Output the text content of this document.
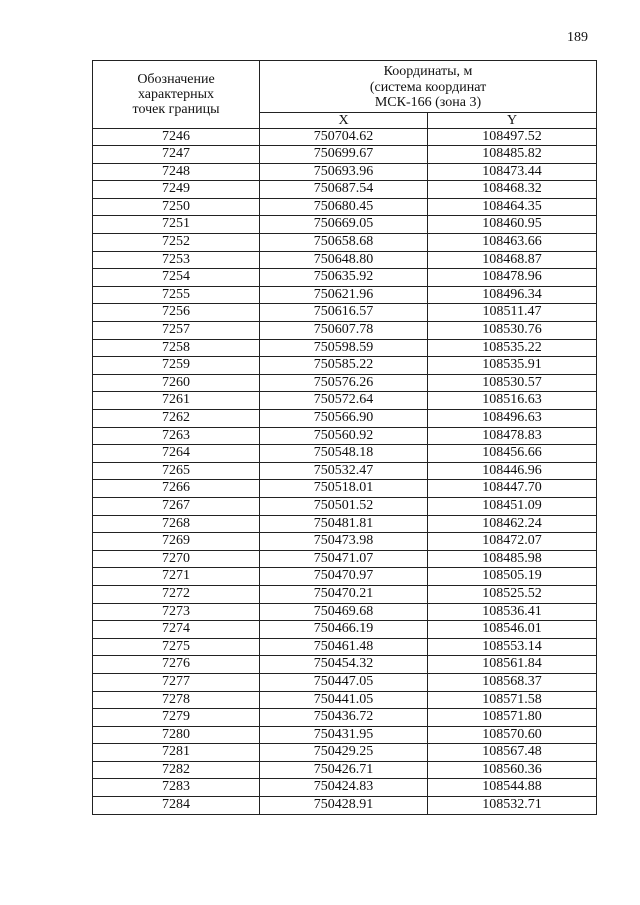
189
Обозначение
характерных
точек границы	Координаты, м
(система координат
МСК-166 (зона 3)	

	X	Y
7246	750704.62	108497.52
7247	750699.67	108485.82
7248	750693.96	108473.44
7249	750687.54	108468.32
7250	750680.45	108464.35
7251	750669.05	108460.95
7252	750658.68	108463.66
7253	750648.80	108468.87
7254	750635.92	108478.96
7255	750621.96	108496.34
7256	750616.57	108511.47
7257	750607.78	108530.76
7258	750598.59	108535.22
7259	750585.22	108535.91
7260	750576.26	108530.57
7261	750572.64	108516.63
7262	750566.90	108496.63
7263	750560.92	108478.83
7264	750548.18	108456.66
7265	750532.47	108446.96
7266	750518.01	108447.70
7267	750501.52	108451.09
7268	750481.81	108462.24
7269	750473.98	108472.07
7270	750471.07	108485.98
7271	750470.97	108505.19
7272	750470.21	108525.52
7273	750469.68	108536.41
7274	750466.19	108546.01
7275	750461.48	108553.14
7276	750454.32	108561.84
7277	750447.05	108568.37
7278	750441.05	108571.58
7279	750436.72	108571.80
7280	750431.95	108570.60
7281	750429.25	108567.48
7282	750426.71	108560.36
7283	750424.83	108544.88
7284	750428.91	108532.71
